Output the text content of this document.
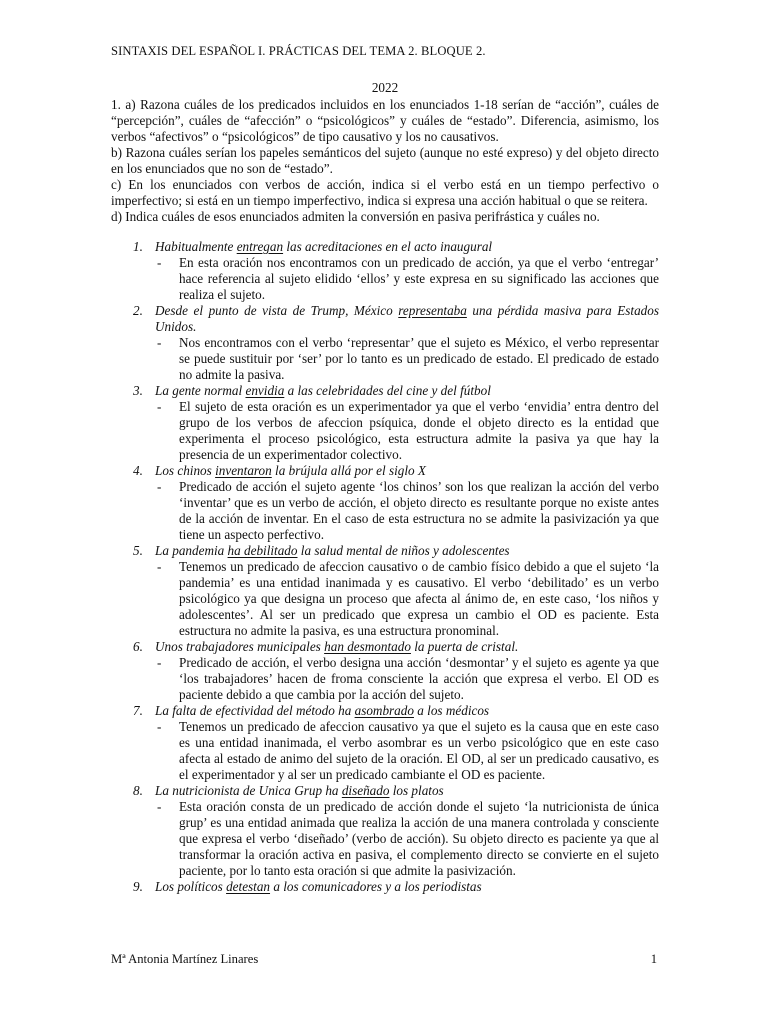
SINTAXIS DEL ESPAÑOL I. PRÁCTICAS DEL TEMA 2. BLOQUE 2.
2022

1. a) Razona cuáles de los predicados incluidos en los enunciados 1-18 serían de “acción”, cuáles de “percepción”, cuáles de “afección” o “psicológicos” y cuáles de “estado”. Diferencia, asimismo, los verbos “afectivos” o “psicológicos” de tipo causativo y los no causativos.

b) Razona cuáles serían los papeles semánticos del sujeto (aunque no esté expreso) y del objeto directo en los enunciados que no son de “estado”.

c) En los enunciados con verbos de acción, indica si el verbo está en un tiempo perfectivo o imperfectivo; si está en un tiempo imperfectivo, indica si expresa una acción habitual o que se reitera.

d) Indica cuáles de esos enunciados admiten la conversión en pasiva perifrástica y cuáles no.

1. Habitualmente entregan las acreditaciones en el acto inaugural
- En esta oración nos encontramos con un predicado de acción, ya que el verbo ‘entregar’ hace referencia al sujeto elidido ‘ellos’ y este expresa en su significado las acciones que realiza el sujeto.
2. Desde el punto de vista de Trump, México representaba una pérdida masiva para Estados Unidos.
- Nos encontramos con el verbo ‘representar’ que el sujeto es México, el verbo representar se puede sustituir por ‘ser’ por lo tanto es un predicado de estado. El predicado de estado no admite la pasiva.
3. La gente normal envidia a las celebridades del cine y del fútbol
- El sujeto de esta oración es un experimentador ya que el verbo ‘envidia’ entra dentro del grupo de los verbos de afeccion psíquica, donde el objeto directo es la entidad que experimenta el proceso psicológico, esta estructura admite la pasiva ya que hay la presencia de un experimentador colectivo.
4. Los chinos inventaron la brújula allá por el siglo X
- Predicado de acción el sujeto agente ‘los chinos’ son los que realizan la acción del verbo ‘inventar’ que es un verbo de acción, el objeto directo es resultante porque no existe antes de la acción de inventar. En el caso de esta estructura no se admite la pasivización ya que tiene un aspecto perfectivo.
5. La pandemia ha debilitado la salud mental de niños y adolescentes
- Tenemos un predicado de afeccion causativo o de cambio físico debido a que el sujeto ‘la pandemia’ es una entidad inanimada y es causativo. El verbo ‘debilitado’ es un verbo psicológico ya que designa un proceso que afecta al ánimo de, en este caso, ‘los niños y adolescentes’. Al ser un predicado que expresa un cambio el OD es paciente. Esta estructura no admite la pasiva, es una estructura pronominal.
6. Unos trabajadores municipales han desmontado la puerta de cristal.
- Predicado de acción, el verbo designa una acción ‘desmontar’ y el sujeto es agente ya que ‘los trabajadores’ hacen de froma consciente la acción que expresa el verbo. El OD es paciente debido a que cambia por la acción del sujeto.
7. La falta de efectividad del método ha asombrado a los médicos
- Tenemos un predicado de afeccion causativo ya que el sujeto es la causa que en este caso es una entidad inanimada, el verbo asombrar es un verbo psicológico que en este caso afecta al estado de animo del sujeto de la oración. El OD, al ser un predicado causativo, es el experimentador y al ser un predicado cambiante el OD es paciente.
8. La nutricionista de Unica Grup ha diseñado los platos
- Esta oración consta de un predicado de acción donde el sujeto ‘la nutricionista de única grup’ es una entidad animada que realiza la acción de una manera controlada y consciente que expresa el verbo ‘diseñado’ (verbo de acción). Su objeto directo es paciente ya que al transformar la oración activa en pasiva, el complemento directo se convierte en el sujeto paciente, por lo tanto esta oración si que admite la pasivización.
9. Los políticos detestan a los comunicadores y a los periodistas
Mª Antonia Martínez Linares	1
